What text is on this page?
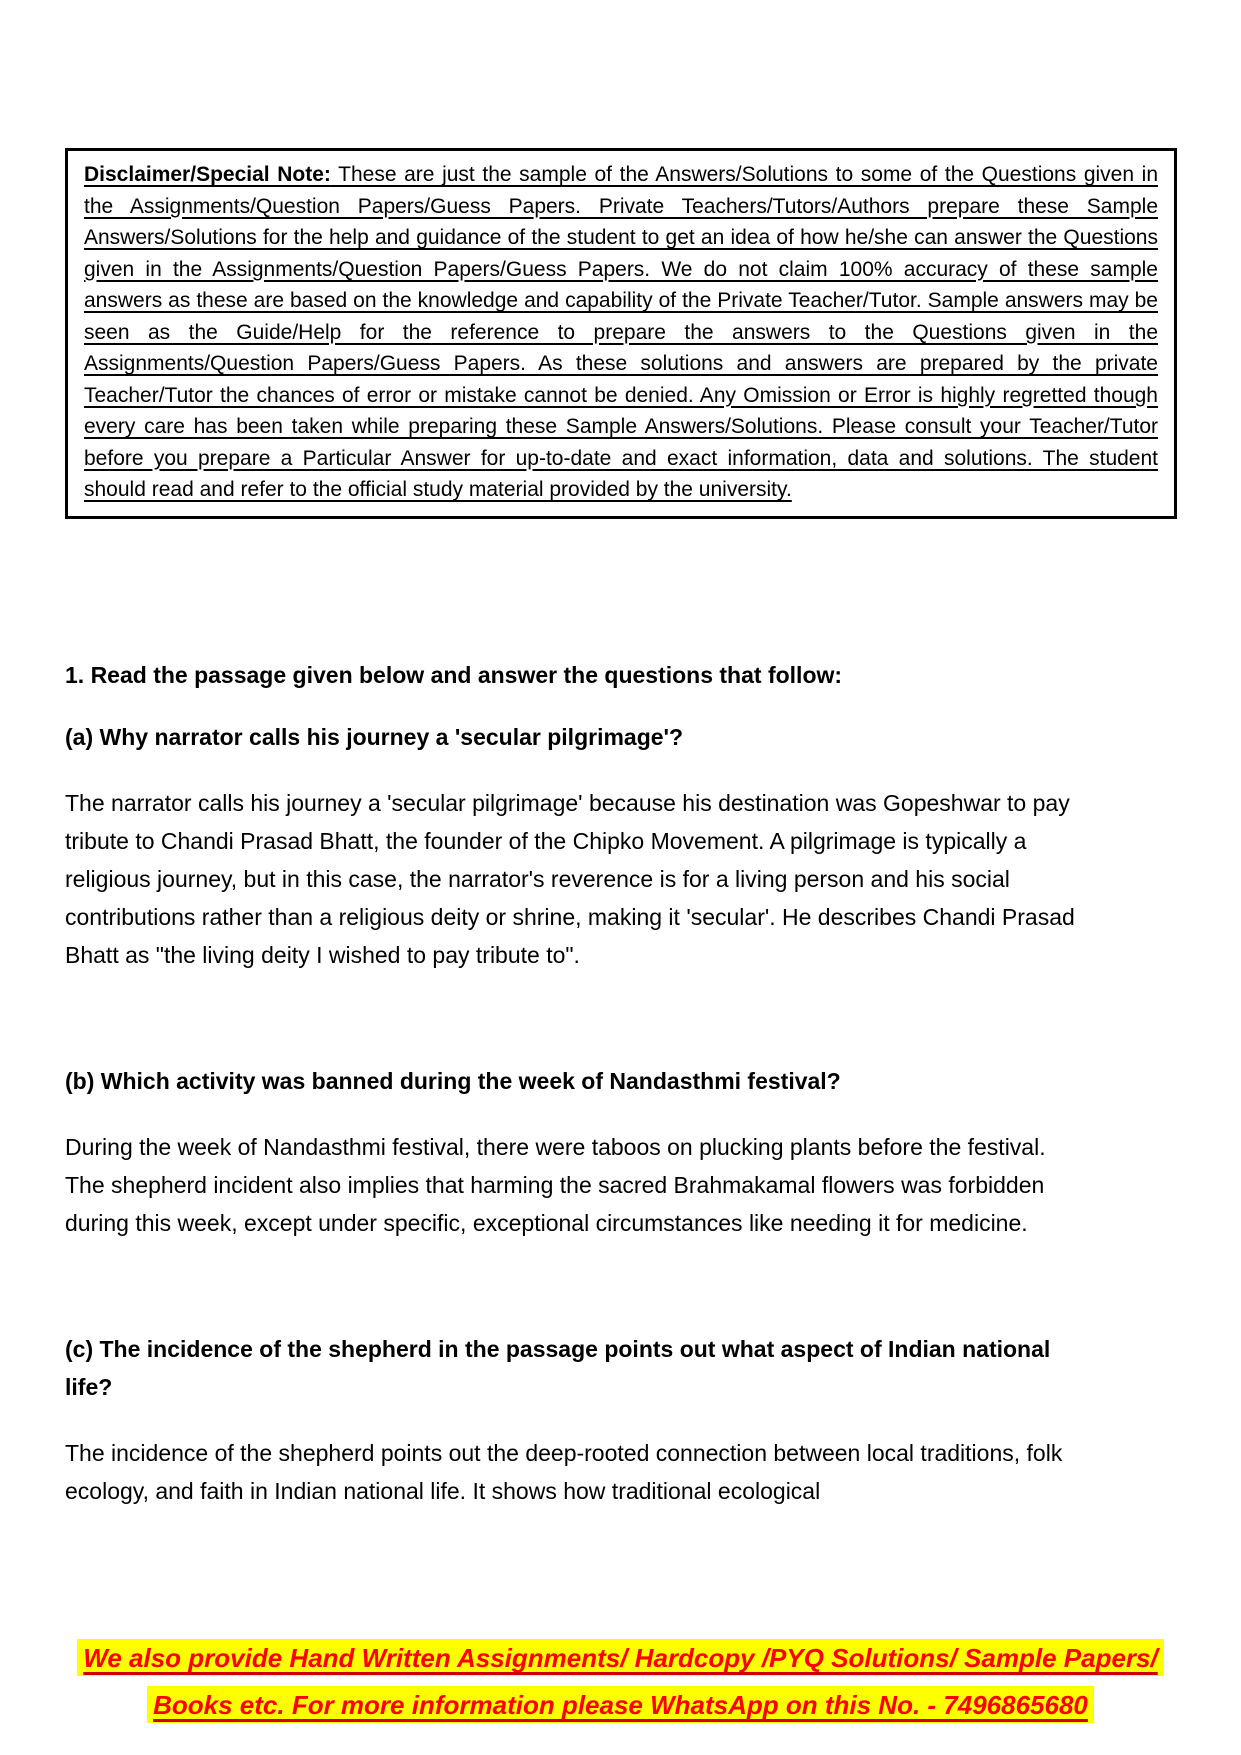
Disclaimer/Special Note: These are just the sample of the Answers/Solutions to some of the Questions given in the Assignments/Question Papers/Guess Papers. Private Teachers/Tutors/Authors prepare these Sample Answers/Solutions for the help and guidance of the student to get an idea of how he/she can answer the Questions given in the Assignments/Question Papers/Guess Papers. We do not claim 100% accuracy of these sample answers as these are based on the knowledge and capability of the Private Teacher/Tutor. Sample answers may be seen as the Guide/Help for the reference to prepare the answers to the Questions given in the Assignments/Question Papers/Guess Papers. As these solutions and answers are prepared by the private Teacher/Tutor the chances of error or mistake cannot be denied. Any Omission or Error is highly regretted though every care has been taken while preparing these Sample Answers/Solutions. Please consult your Teacher/Tutor before you prepare a Particular Answer for up-to-date and exact information, data and solutions. The student should read and refer to the official study material provided by the university.

1. Read the passage given below and answer the questions that follow:
(a) Why narrator calls his journey a 'secular pilgrimage'?

The narrator calls his journey a 'secular pilgrimage' because his destination was Gopeshwar to pay tribute to Chandi Prasad Bhatt, the founder of the Chipko Movement. A pilgrimage is typically a religious journey, but in this case, the narrator's reverence is for a living person and his social contributions rather than a religious deity or shrine, making it 'secular'. He describes Chandi Prasad Bhatt as "the living deity I wished to pay tribute to".

(b) Which activity was banned during the week of Nandasthmi festival?

During the week of Nandasthmi festival, there were taboos on plucking plants before the festival. The shepherd incident also implies that harming the sacred Brahmakamal flowers was forbidden during this week, except under specific, exceptional circumstances like needing it for medicine.

(c) The incidence of the shepherd in the passage points out what aspect of Indian national life?

The incidence of the shepherd points out the deep-rooted connection between local traditions, folk ecology, and faith in Indian national life. It shows how traditional ecological

We also provide Hand Written Assignments/ Hardcopy /PYQ Solutions/ Sample Papers/
Books etc. For more information please WhatsApp on this No. - 7496865680
